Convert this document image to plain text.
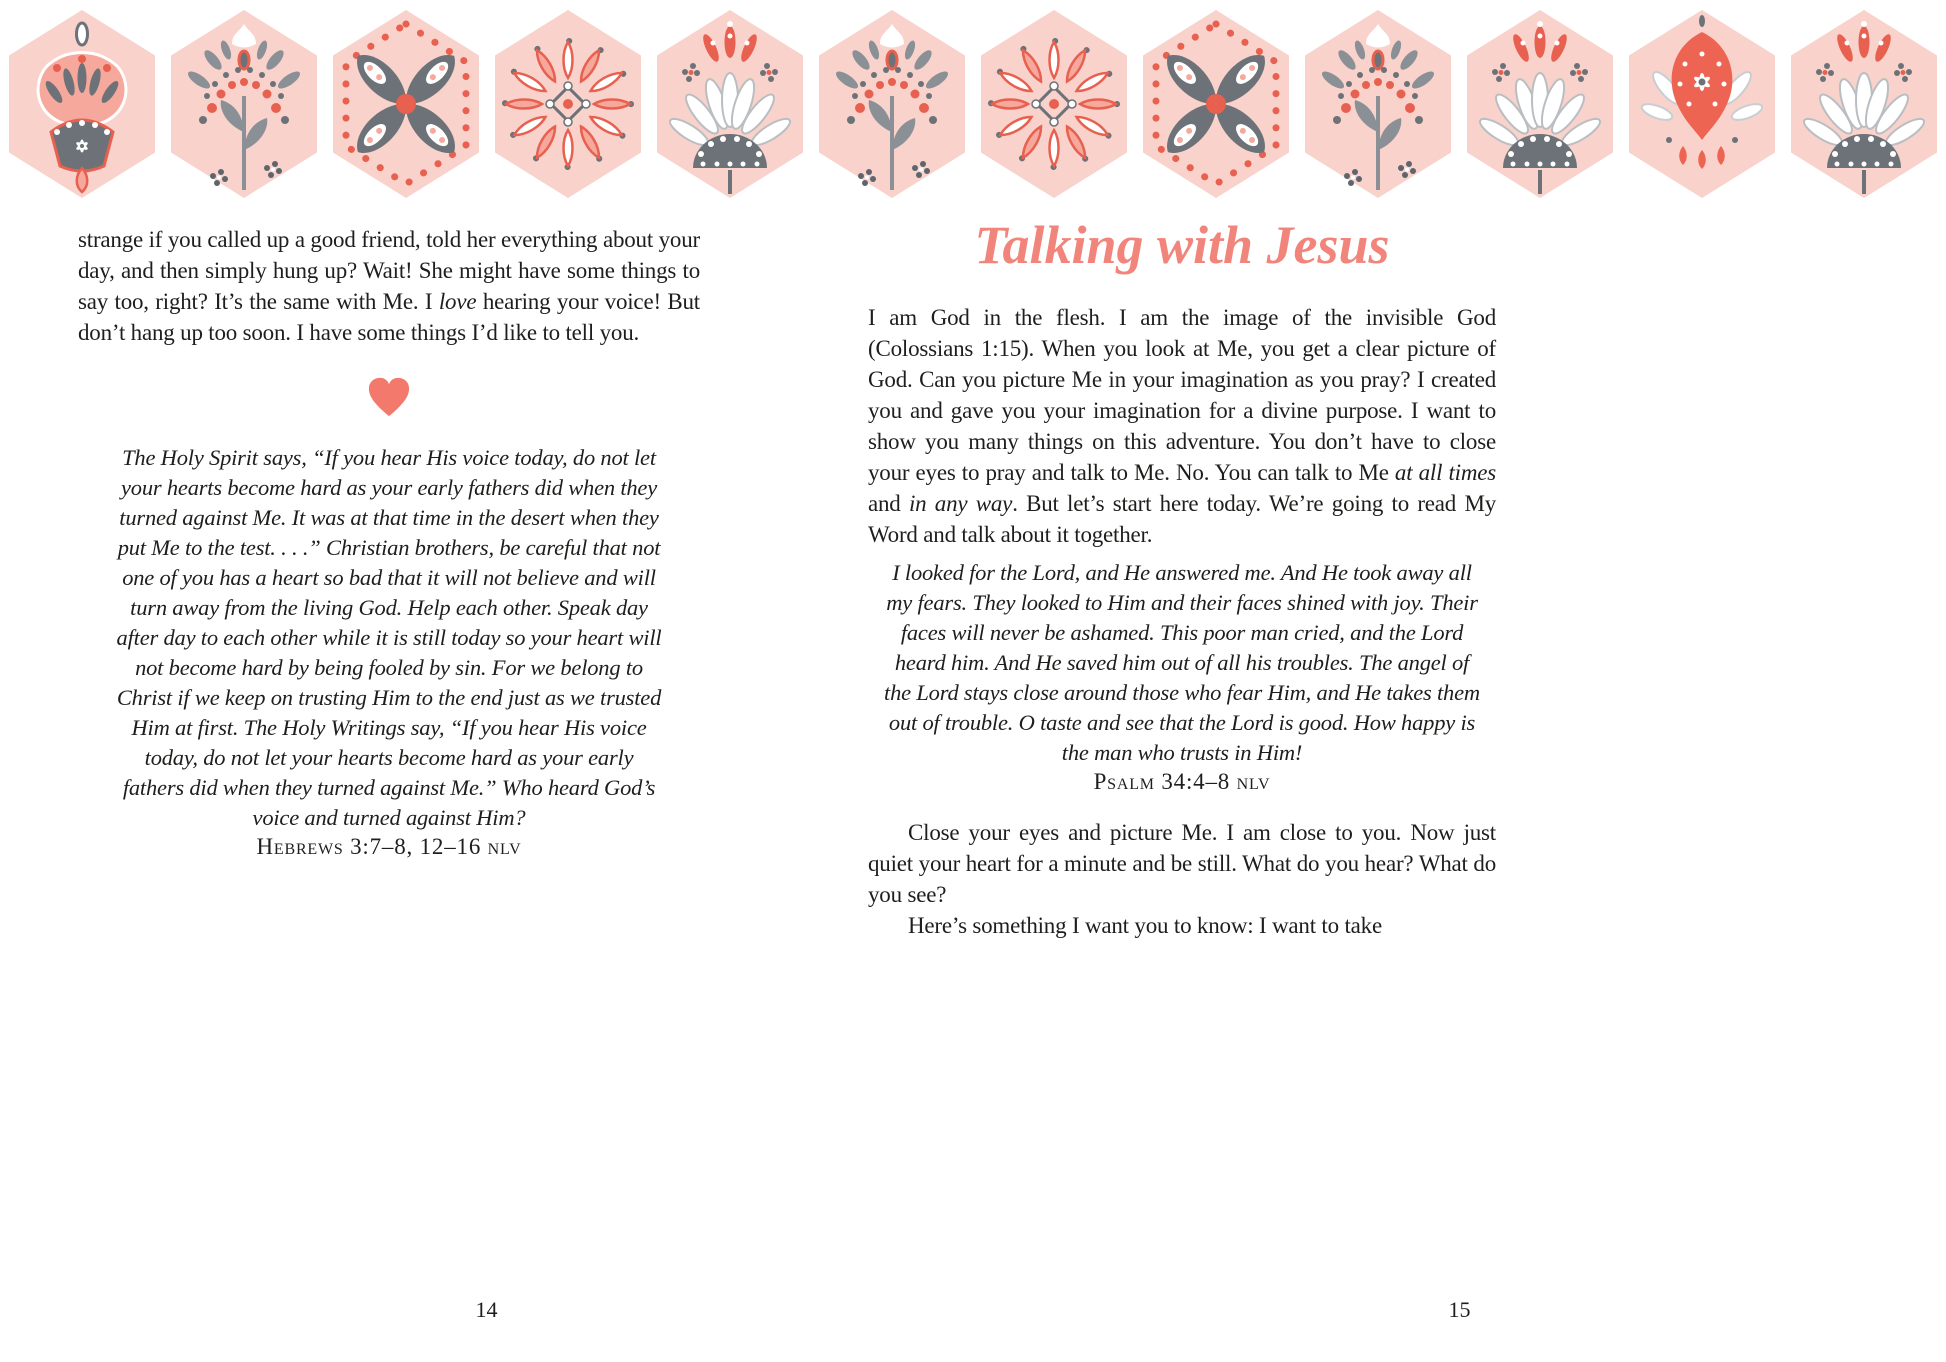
strange if you called up a good friend, told her everything about your day, and then simply hung up? Wait! She might have some things to say too, right? It’s the same with Me. I love hearing your voice! But don’t hang up too soon. I have some things I’d like to tell you.

The Holy Spirit says, “If you hear His voice today, do not let your hearts become hard as your early fathers did when they turned against Me. It was at that time in the desert when they put Me to the test. . . .” Christian brothers, be careful that not one of you has a heart so bad that it will not believe and will turn away from the living God. Help each other. Speak day after day to each other while it is still today so your heart will not become hard by being fooled by sin. For we belong to Christ if we keep on trusting Him to the end just as we trusted Him at first. The Holy Writings say, “If you hear His voice today, do not let your hearts become hard as your early fathers did when they turned against Me.” Who heard God’s voice and turned against Him?
Hebrews 3:7–8, 12–16 nlv
Talking with Jesus

I am God in the flesh. I am the image of the invisible God (Colossians 1:15). When you look at Me, you get a clear picture of God. Can you picture Me in your imagination as you pray? I created you and gave you your imagination for a divine purpose. I want to show you many things on this adventure. You don’t have to close your eyes to pray and talk to Me. No. You can talk to Me at all times and in any way. But let’s start here today. We’re going to read My Word and talk about it together.

I looked for the Lord, and He answered me. And He took away all my fears. They looked to Him and their faces shined with joy. Their faces will never be ashamed. This poor man cried, and the Lord heard him. And He saved him out of all his troubles. The angel of the Lord stays close around those who fear Him, and He takes them out of trouble. O taste and see that the Lord is good. How happy is the man who trusts in Him!
Psalm 34:4–8 nlv

Close your eyes and picture Me. I am close to you. Now just quiet your heart for a minute and be still. What do you hear? What do you see?

Here’s something I want you to know: I want to take

14	15
